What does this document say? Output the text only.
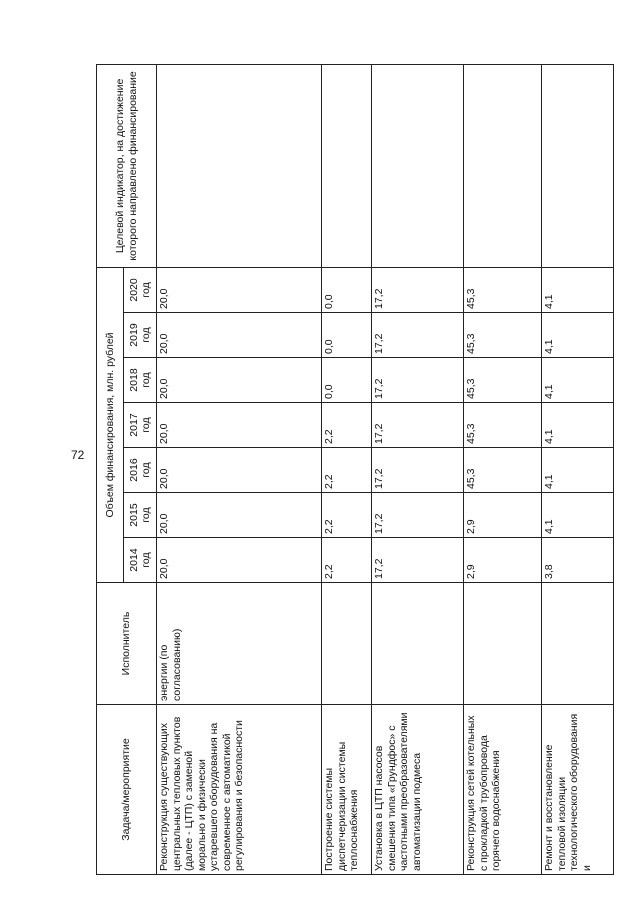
72
Задача/мероприятие	Исполнитель	Объем финансирования, млн. рублей							Целевой индикатор, на достижение которого направлено финансирование
		2014 год	2015 год	2016 год	2017 год	2018 год	2019 год	2020 год	
Реконструкция существующих центральных тепловых пунктов (далее - ЦТП) с заменой морально и физически устаревшего оборудования на современное с автоматикой регулирования и безопасности	энергии (по согласованию)	20,0	20,0	20,0	20,0	20,0	20,0	20,0	
Построение системы диспетчеризации системы теплоснабжения		2,2	2,2	2,2	2,2	0,0	0,0	0,0	
Установка в ЦТП насосов смешения типа «Грундфос» с частотными преобразователями автоматизации подмеса		17,2	17,2	17,2	17,2	17,2	17,2	17,2	
Реконструкция сетей котельных с прокладкой трубопровода горячего водоснабжения		2,9	2,9	45,3	45,3	45,3	45,3	45,3	
Ремонт и восстановление тепловой изоляции технологического оборудования и		3,8	4,1	4,1	4,1	4,1	4,1	4,1	
